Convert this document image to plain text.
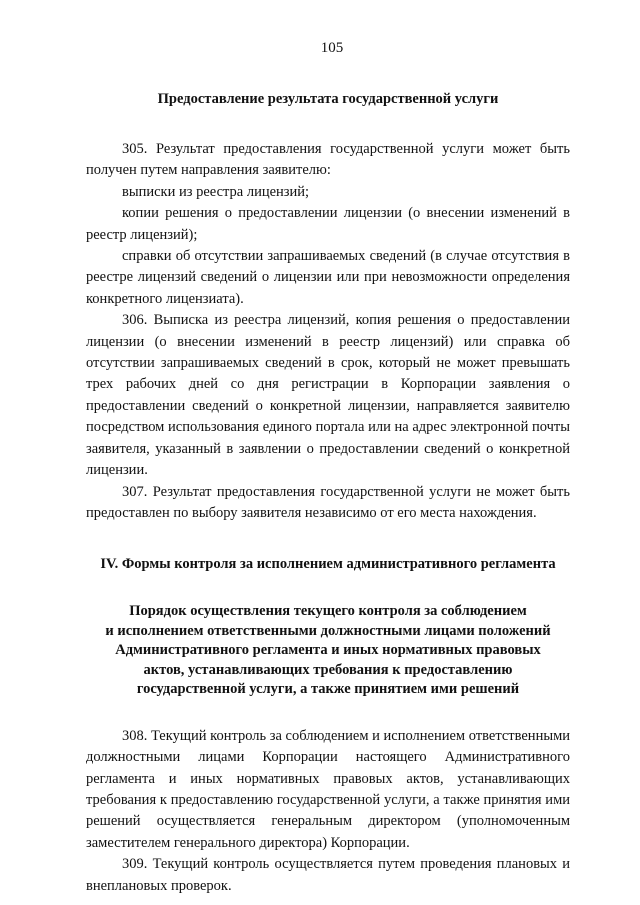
105
Предоставление результата государственной услуги

305. Результат предоставления государственной услуги может быть получен путем направления заявителю:

выписки из реестра лицензий;

копии решения о предоставлении лицензии (о внесении изменений в реестр лицензий);

справки об отсутствии запрашиваемых сведений (в случае отсутствия в реестре лицензий сведений о лицензии или при невозможности определения конкретного лицензиата).

306. Выписка из реестра лицензий, копия решения о предоставлении лицензии (о внесении изменений в реестр лицензий) или справка об отсутствии запрашиваемых сведений в срок, который не может превышать трех рабочих дней со дня регистрации в Корпорации заявления о предоставлении сведений о конкретной лицензии, направляется заявителю посредством использования единого портала или на адрес электронной почты заявителя, указанный в заявлении о предоставлении сведений о конкретной лицензии.

307. Результат предоставления государственной услуги не может быть предоставлен по выбору заявителя независимо от его места нахождения.

IV. Формы контроля за исполнением административного регламента
Порядок осуществления текущего контроля за соблюдением
и исполнением ответственными должностными лицами положений
Административного регламента и иных нормативных правовых
актов, устанавливающих требования к предоставлению
государственной услуги, а также принятием ими решений

308. Текущий контроль за соблюдением и исполнением ответственными должностными лицами Корпорации настоящего Административного регламента и иных нормативных правовых актов, устанавливающих требования к предоставлению государственной услуги, а также принятия ими решений осуществляется генеральным директором (уполномоченным заместителем генерального директора) Корпорации.

309. Текущий контроль осуществляется путем проведения плановых и внеплановых проверок.
